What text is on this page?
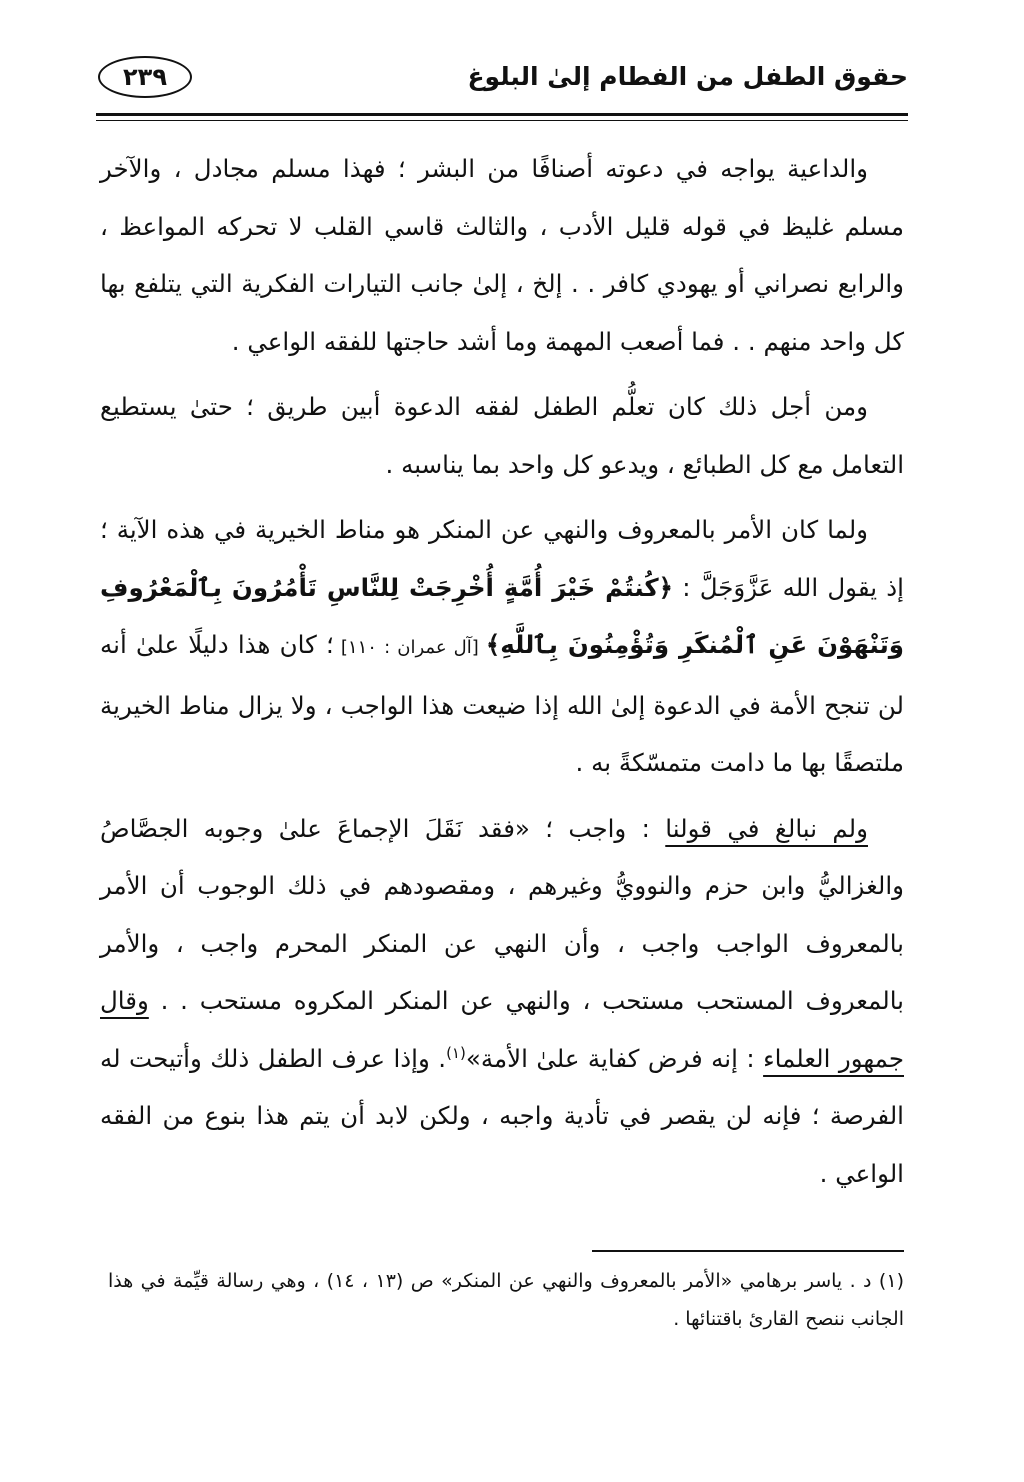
حقوق الطفل من الفطام إلىٰ البلوغ
٢٣٩

والداعية يواجه في دعوته أصنافًا من البشر ؛ فهذا مسلم مجادل ، والآخر مسلم غليظ في قوله قليل الأدب ، والثالث قاسي القلب لا تحركه المواعظ ، والرابع نصراني أو يهودي كافر . . إلخ ، إلىٰ جانب التيارات الفكرية التي يتلفع بها كل واحد منهم . . فما أصعب المهمة وما أشد حاجتها للفقه الواعي .

ومن أجل ذلك كان تعلُّم الطفل لفقه الدعوة أبين طريق ؛ حتىٰ يستطيع التعامل مع كل الطبائع ، ويدعو كل واحد بما يناسبه .

ولما كان الأمر بالمعروف والنهي عن المنكر هو مناط الخيرية في هذه الآية ؛ إذ يقول الله عَزَّوَجَلَّ : ﴿كُنتُمْ خَيْرَ أُمَّةٍ أُخْرِجَتْ لِلنَّاسِ تَأْمُرُونَ بِٱلْمَعْرُوفِ وَتَنْهَوْنَ عَنِ ٱلْمُنكَرِ وَتُؤْمِنُونَ بِٱللَّهِ﴾ [آل عمران : ١١٠] ؛ كان هذا دليلًا علىٰ أنه لن تنجح الأمة في الدعوة إلىٰ الله إذا ضيعت هذا الواجب ، ولا يزال مناط الخيرية ملتصقًا بها ما دامت متمسّكةً به .

ولم نبالغ في قولنا : واجب ؛ «فقد نَقَلَ الإجماعَ علىٰ وجوبه الجصَّاصُ والغزاليُّ وابن حزم والنوويُّ وغيرهم ، ومقصودهم في ذلك الوجوب أن الأمر بالمعروف الواجب واجب ، وأن النهي عن المنكر المحرم واجب ، والأمر بالمعروف المستحب مستحب ، والنهي عن المنكر المكروه مستحب . . وقال جمهور العلماء : إنه فرض كفاية علىٰ الأمة»$^{(١)}$. وإذا عرف الطفل ذلك وأتيحت له الفرصة ؛ فإنه لن يقصر في تأدية واجبه ، ولكن لابد أن يتم هذا بنوع من الفقه الواعي .

(١) د . ياسر برهامي «الأمر بالمعروف والنهي عن المنكر» ص (١٣ ، ١٤) ، وهي رسالة قيِّمة في هذا الجانب ننصح القارئ باقتنائها .
